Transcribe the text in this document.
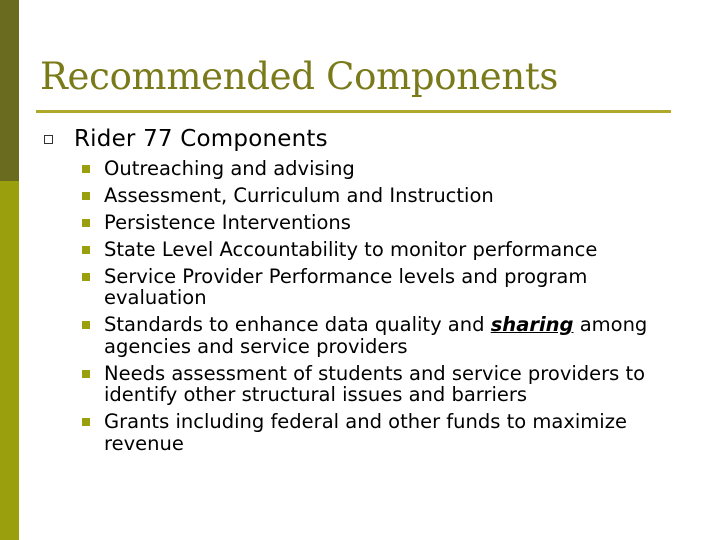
Recommended Components
Rider 77 Components
Outreaching and advising
Assessment, Curriculum and Instruction
Persistence Interventions
State Level Accountability to monitor performance
Service Provider Performance levels and program evaluation
Standards to enhance data quality and sharing among agencies and service providers
Needs assessment of students and service providers to identify other structural issues and barriers
Grants including federal and other funds to maximize revenue
